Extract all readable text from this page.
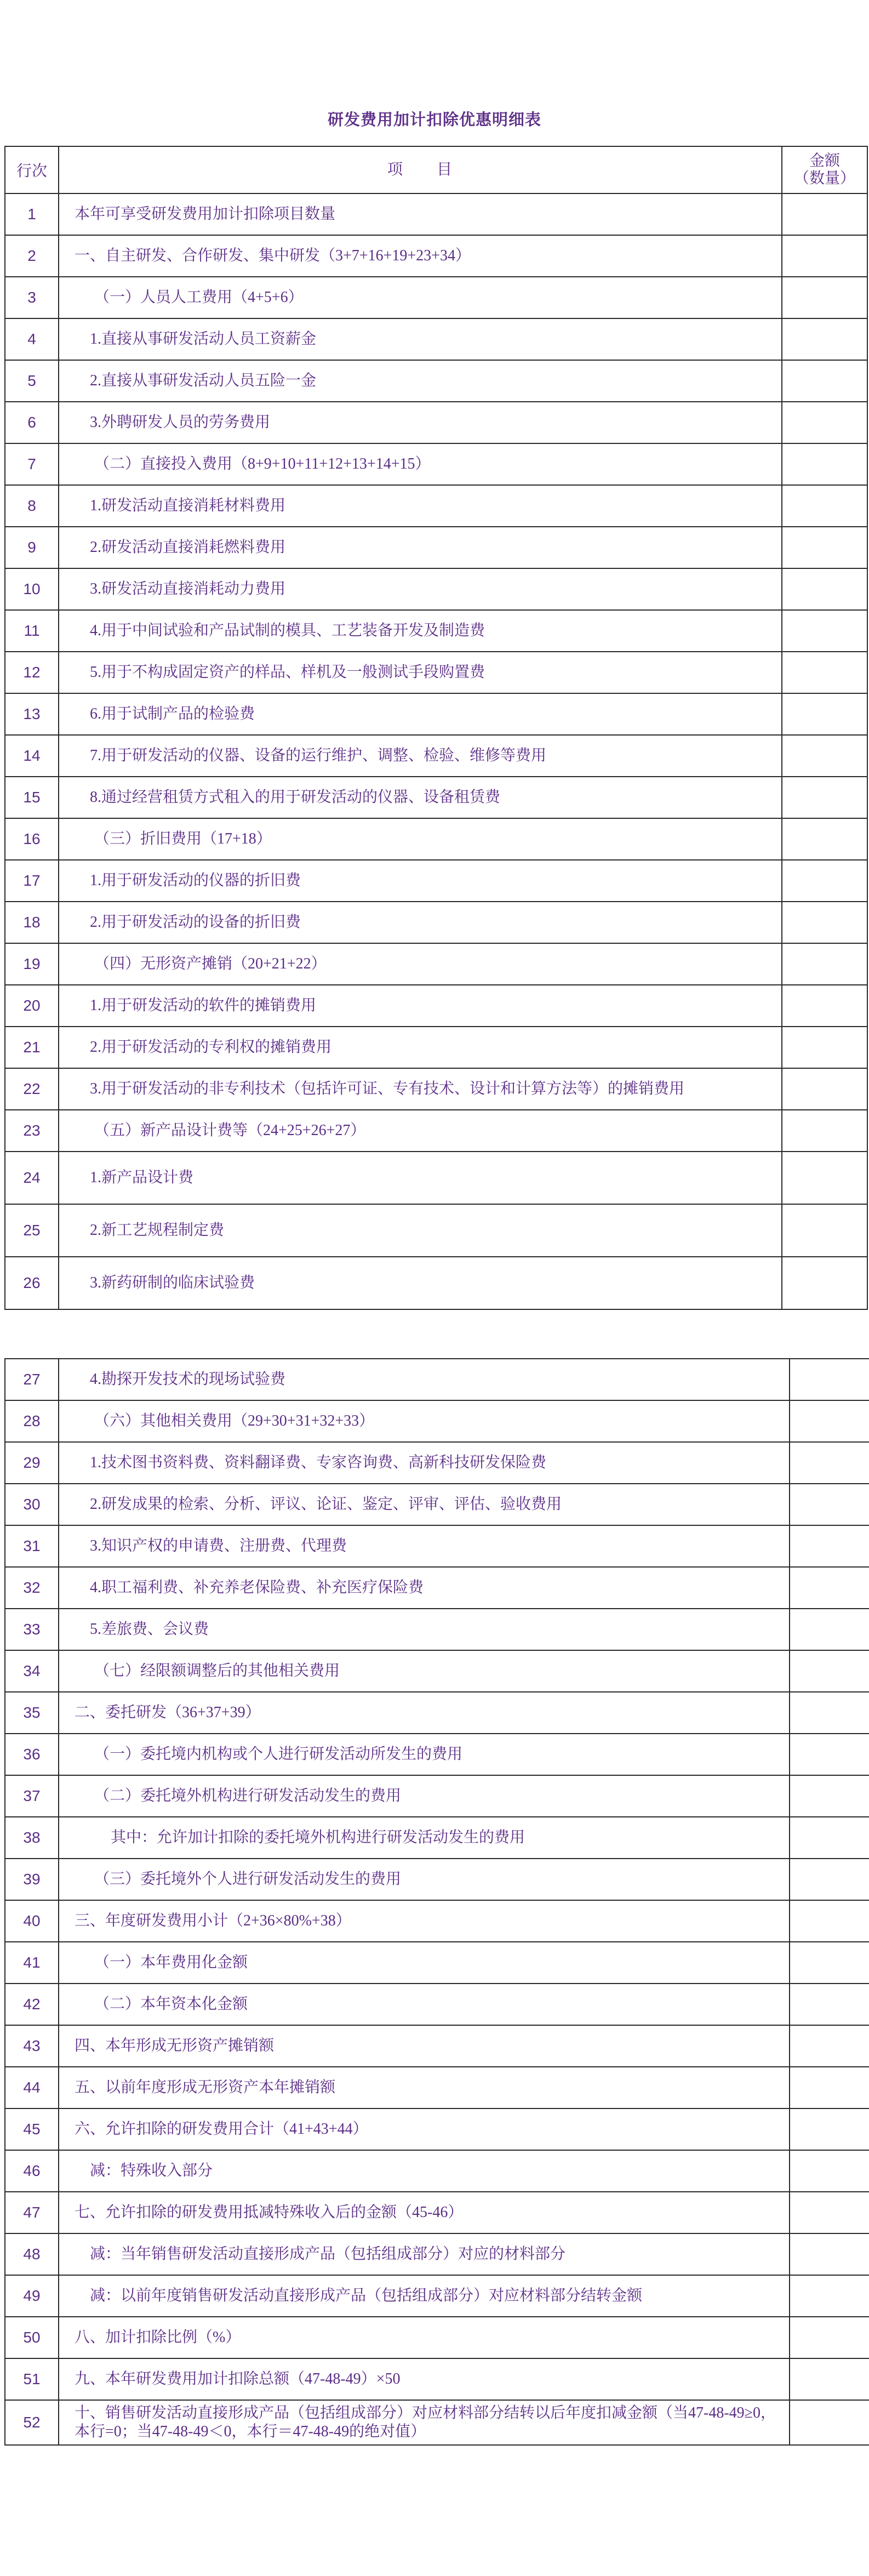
研发费用加计扣除优惠明细表
行次	项　　目	金额
（数量）
1	本年可享受研发费用加计扣除项目数量	
2	一、自主研发、合作研发、集中研发（3+7+16+19+23+34）	
3	（一）人员人工费用（4+5+6）	
4	1.直接从事研发活动人员工资薪金	
5	2.直接从事研发活动人员五险一金	
6	3.外聘研发人员的劳务费用	
7	（二）直接投入费用（8+9+10+11+12+13+14+15）	
8	1.研发活动直接消耗材料费用	
9	2.研发活动直接消耗燃料费用	
10	3.研发活动直接消耗动力费用	
11	4.用于中间试验和产品试制的模具、工艺装备开发及制造费	
12	5.用于不构成固定资产的样品、样机及一般测试手段购置费	
13	6.用于试制产品的检验费	
14	7.用于研发活动的仪器、设备的运行维护、调整、检验、维修等费用	
15	8.通过经营租赁方式租入的用于研发活动的仪器、设备租赁费	
16	（三）折旧费用（17+18）	
17	1.用于研发活动的仪器的折旧费	
18	2.用于研发活动的设备的折旧费	
19	（四）无形资产摊销（20+21+22）	
20	1.用于研发活动的软件的摊销费用	
21	2.用于研发活动的专利权的摊销费用	
22	3.用于研发活动的非专利技术（包括许可证、专有技术、设计和计算方法等）的摊销费用	
23	（五）新产品设计费等（24+25+26+27）	
24	1.新产品设计费	
25	2.新工艺规程制定费	
26	3.新药研制的临床试验费	
27	4.勘探开发技术的现场试验费	
28	（六）其他相关费用（29+30+31+32+33）	
29	1.技术图书资料费、资料翻译费、专家咨询费、高新科技研发保险费	
30	2.研发成果的检索、分析、评议、论证、鉴定、评审、评估、验收费用	
31	3.知识产权的申请费、注册费、代理费	
32	4.职工福利费、补充养老保险费、补充医疗保险费	
33	5.差旅费、会议费	
34	（七）经限额调整后的其他相关费用	
35	二、委托研发（36+37+39）	
36	（一）委托境内机构或个人进行研发活动所发生的费用	
37	（二）委托境外机构进行研发活动发生的费用	
38	其中：允许加计扣除的委托境外机构进行研发活动发生的费用	
39	（三）委托境外个人进行研发活动发生的费用	
40	三、年度研发费用小计（2+36×80%+38）	
41	（一）本年费用化金额	
42	（二）本年资本化金额	
43	四、本年形成无形资产摊销额	
44	五、以前年度形成无形资产本年摊销额	
45	六、允许扣除的研发费用合计（41+43+44）	
46	减：特殊收入部分	
47	七、允许扣除的研发费用抵减特殊收入后的金额（45-46）	
48	减：当年销售研发活动直接形成产品（包括组成部分）对应的材料部分	
49	减：以前年度销售研发活动直接形成产品（包括组成部分）对应材料部分结转金额	
50	八、加计扣除比例（%）	
51	九、本年研发费用加计扣除总额（47-48-49）×50	
52	十、销售研发活动直接形成产品（包括组成部分）对应材料部分结转以后年度扣减金额（当47-48-49≥0，本行=0；当47-48-49＜0，本行＝47-48-49的绝对值）	
